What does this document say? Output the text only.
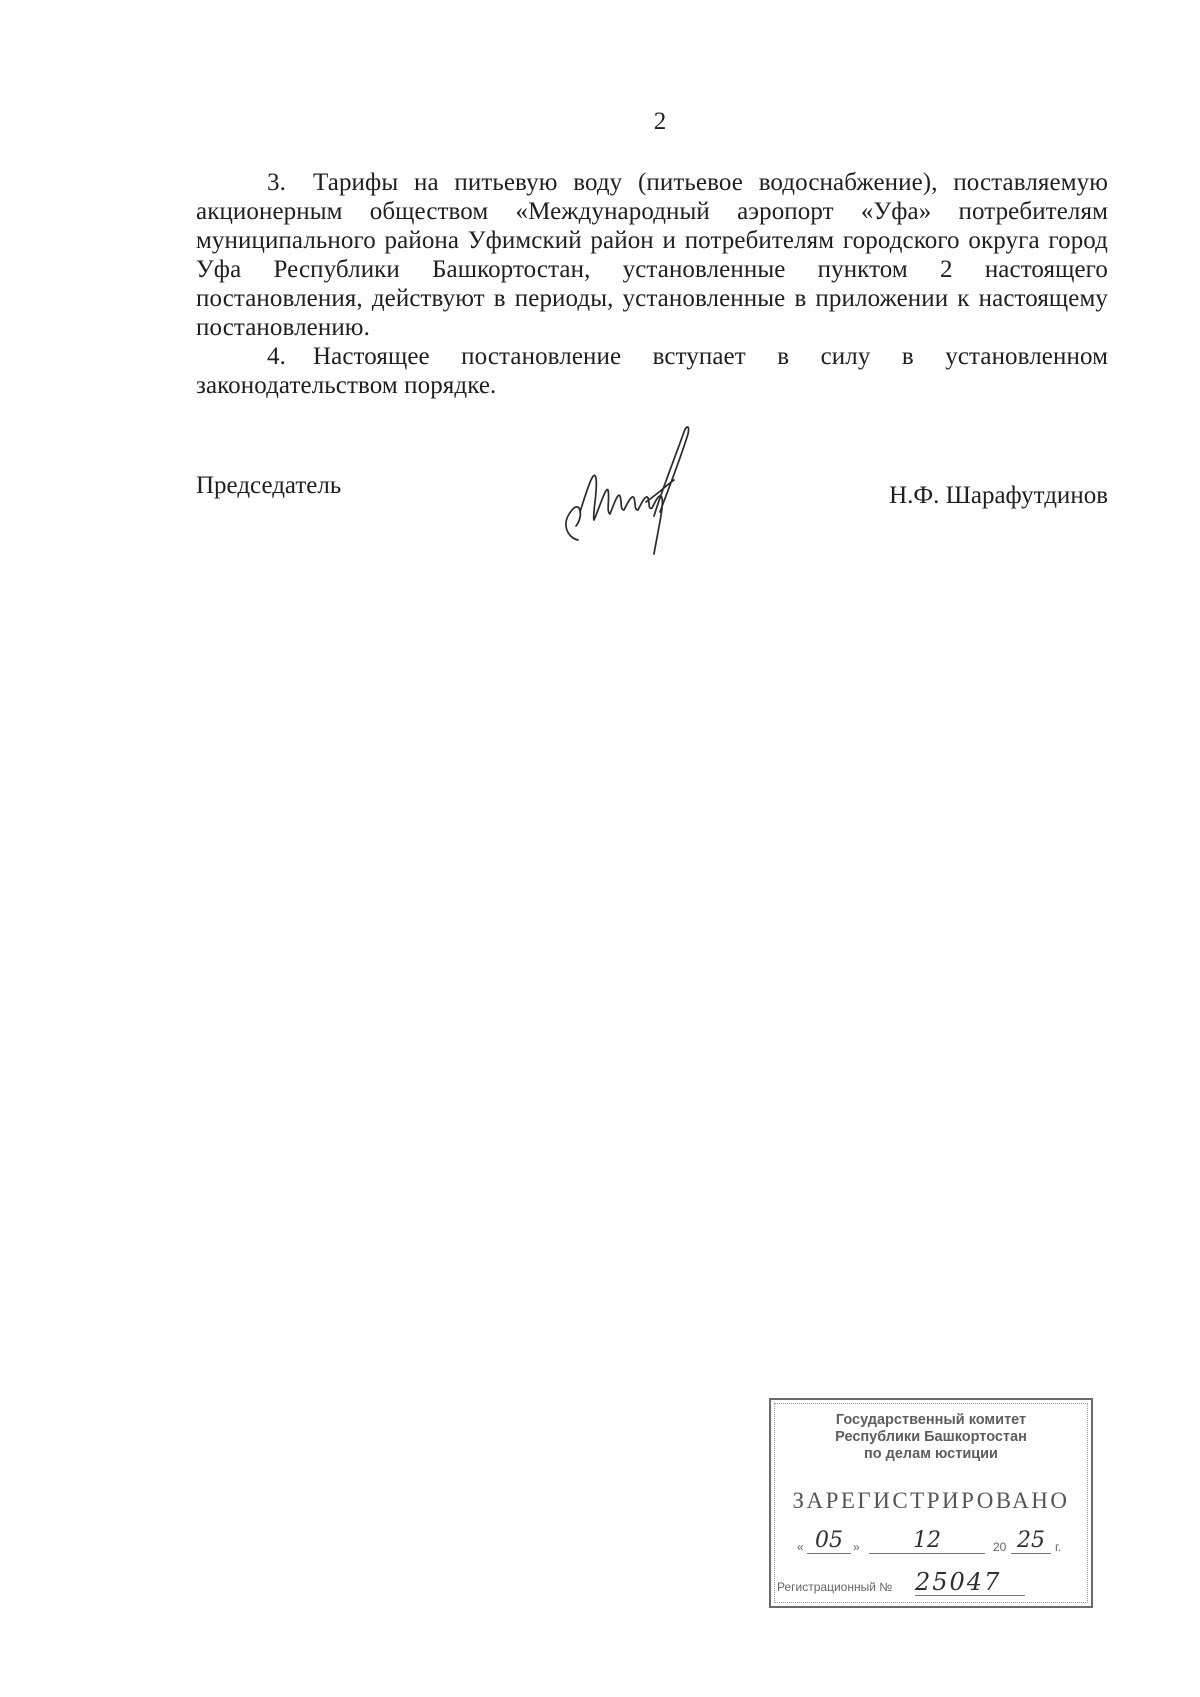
2

3. Тарифы на питьевую воду (питьевое водоснабжение), поставляемую акционерным обществом «Международный аэропорт «Уфа» потребителям муниципального района Уфимский район и потребителям городского округа город Уфа Республики Башкортостан, установленные пунктом 2 настоящего постановления, действуют в периоды, установленные в приложении к настоящему постановлению.

4. Настоящее постановление вступает в силу в установленном законодательством порядке.

Председатель	Н.Ф. Шарафутдинов
Государственный комитет
Республики Башкортостан
по делам юстиции
ЗАРЕГИСТРИРОВАНО
« 05 »	12	20 25 г.
Регистрационный № 25047
